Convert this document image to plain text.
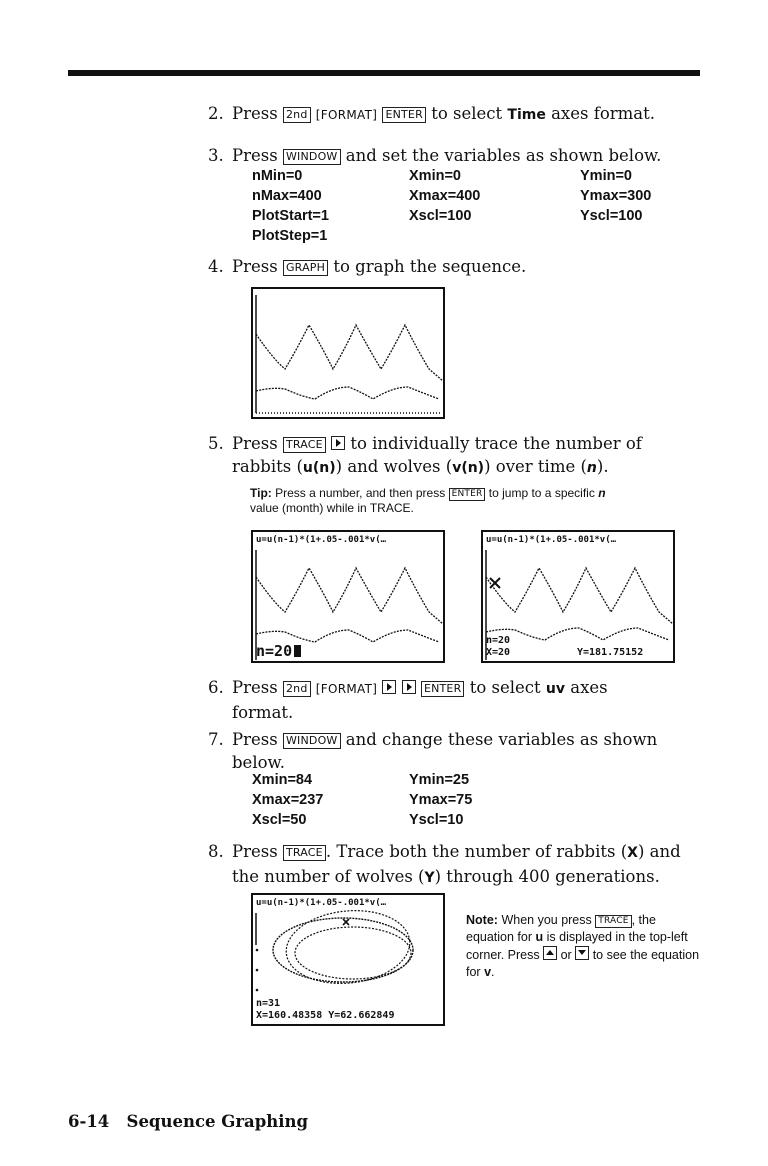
2. Press 2nd [FORMAT] ENTER to select Time axes format.
3. Press WINDOW and set the variables as shown below.
nMin=0
nMax=400
PlotStart=1
PlotStep=1
Xmin=0
Xmax=400
Xscl=100
Ymin=0
Ymax=300
Yscl=100
4. Press GRAPH to graph the sequence.
5. Press TRACE to individually trace the number of
rabbits (u(n)) and wolves (v(n)) over time (n).
Tip: Press a number, and then press ENTER to jump to a specific n
value (month) while in TRACE.
u=u(n-1)*(1+.05-.001*v(…
n=20
u=u(n-1)*(1+.05-.001*v(…
n=20
X=20	Y=181.75152
6. Press 2nd [FORMAT]	ENTER to select uv axes
format.
7. Press WINDOW and change these variables as shown
below.
Xmin=84
Xmax=237
Xscl=50
Ymin=25
Ymax=75
Yscl=10
8. Press TRACE . Trace both the number of rabbits (X) and
the number of wolves (Y) through 400 generations.
u=u(n-1)*(1+.05-.001*v(…
n=31
X=160.48358 Y=62.662849
Note: When you press TRACE , the equation for u is displayed in the top-left corner. Press or to see the equation for v.
6-14   Sequence Graphing
